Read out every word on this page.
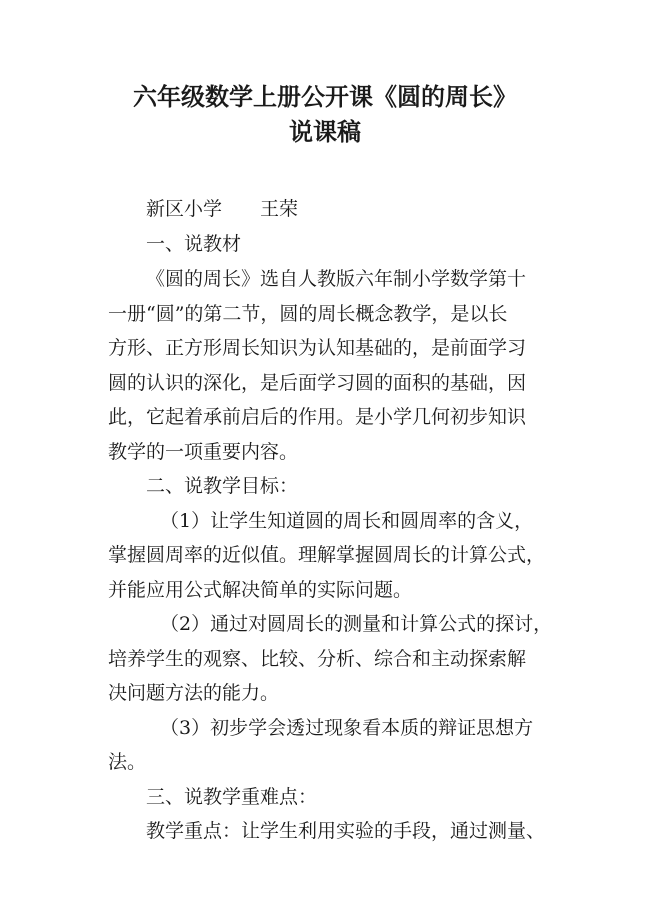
六年级数学上册公开课《圆的周长》
说课稿

新区小学　　王荣

一、说教材

《圆的周长》选自人教版六年制小学数学第十

一册“圆”的第二节，圆的周长概念教学，是以长

方形、正方形周长知识为认知基础的，是前面学习

圆的认识的深化，是后面学习圆的面积的基础，因

此，它起着承前启后的作用。是小学几何初步知识

教学的一项重要内容。

二、说教学目标：

（1）让学生知道圆的周长和圆周率的含义，

掌握圆周率的近似值。理解掌握圆周长的计算公式，

并能应用公式解决简单的实际问题。

（2）通过对圆周长的测量和计算公式的探讨，

培养学生的观察、比较、分析、综合和主动探索解

决问题方法的能力。

（3）初步学会透过现象看本质的辩证思想方

法。

三、说教学重难点：

教学重点：让学生利用实验的手段，通过测量、
